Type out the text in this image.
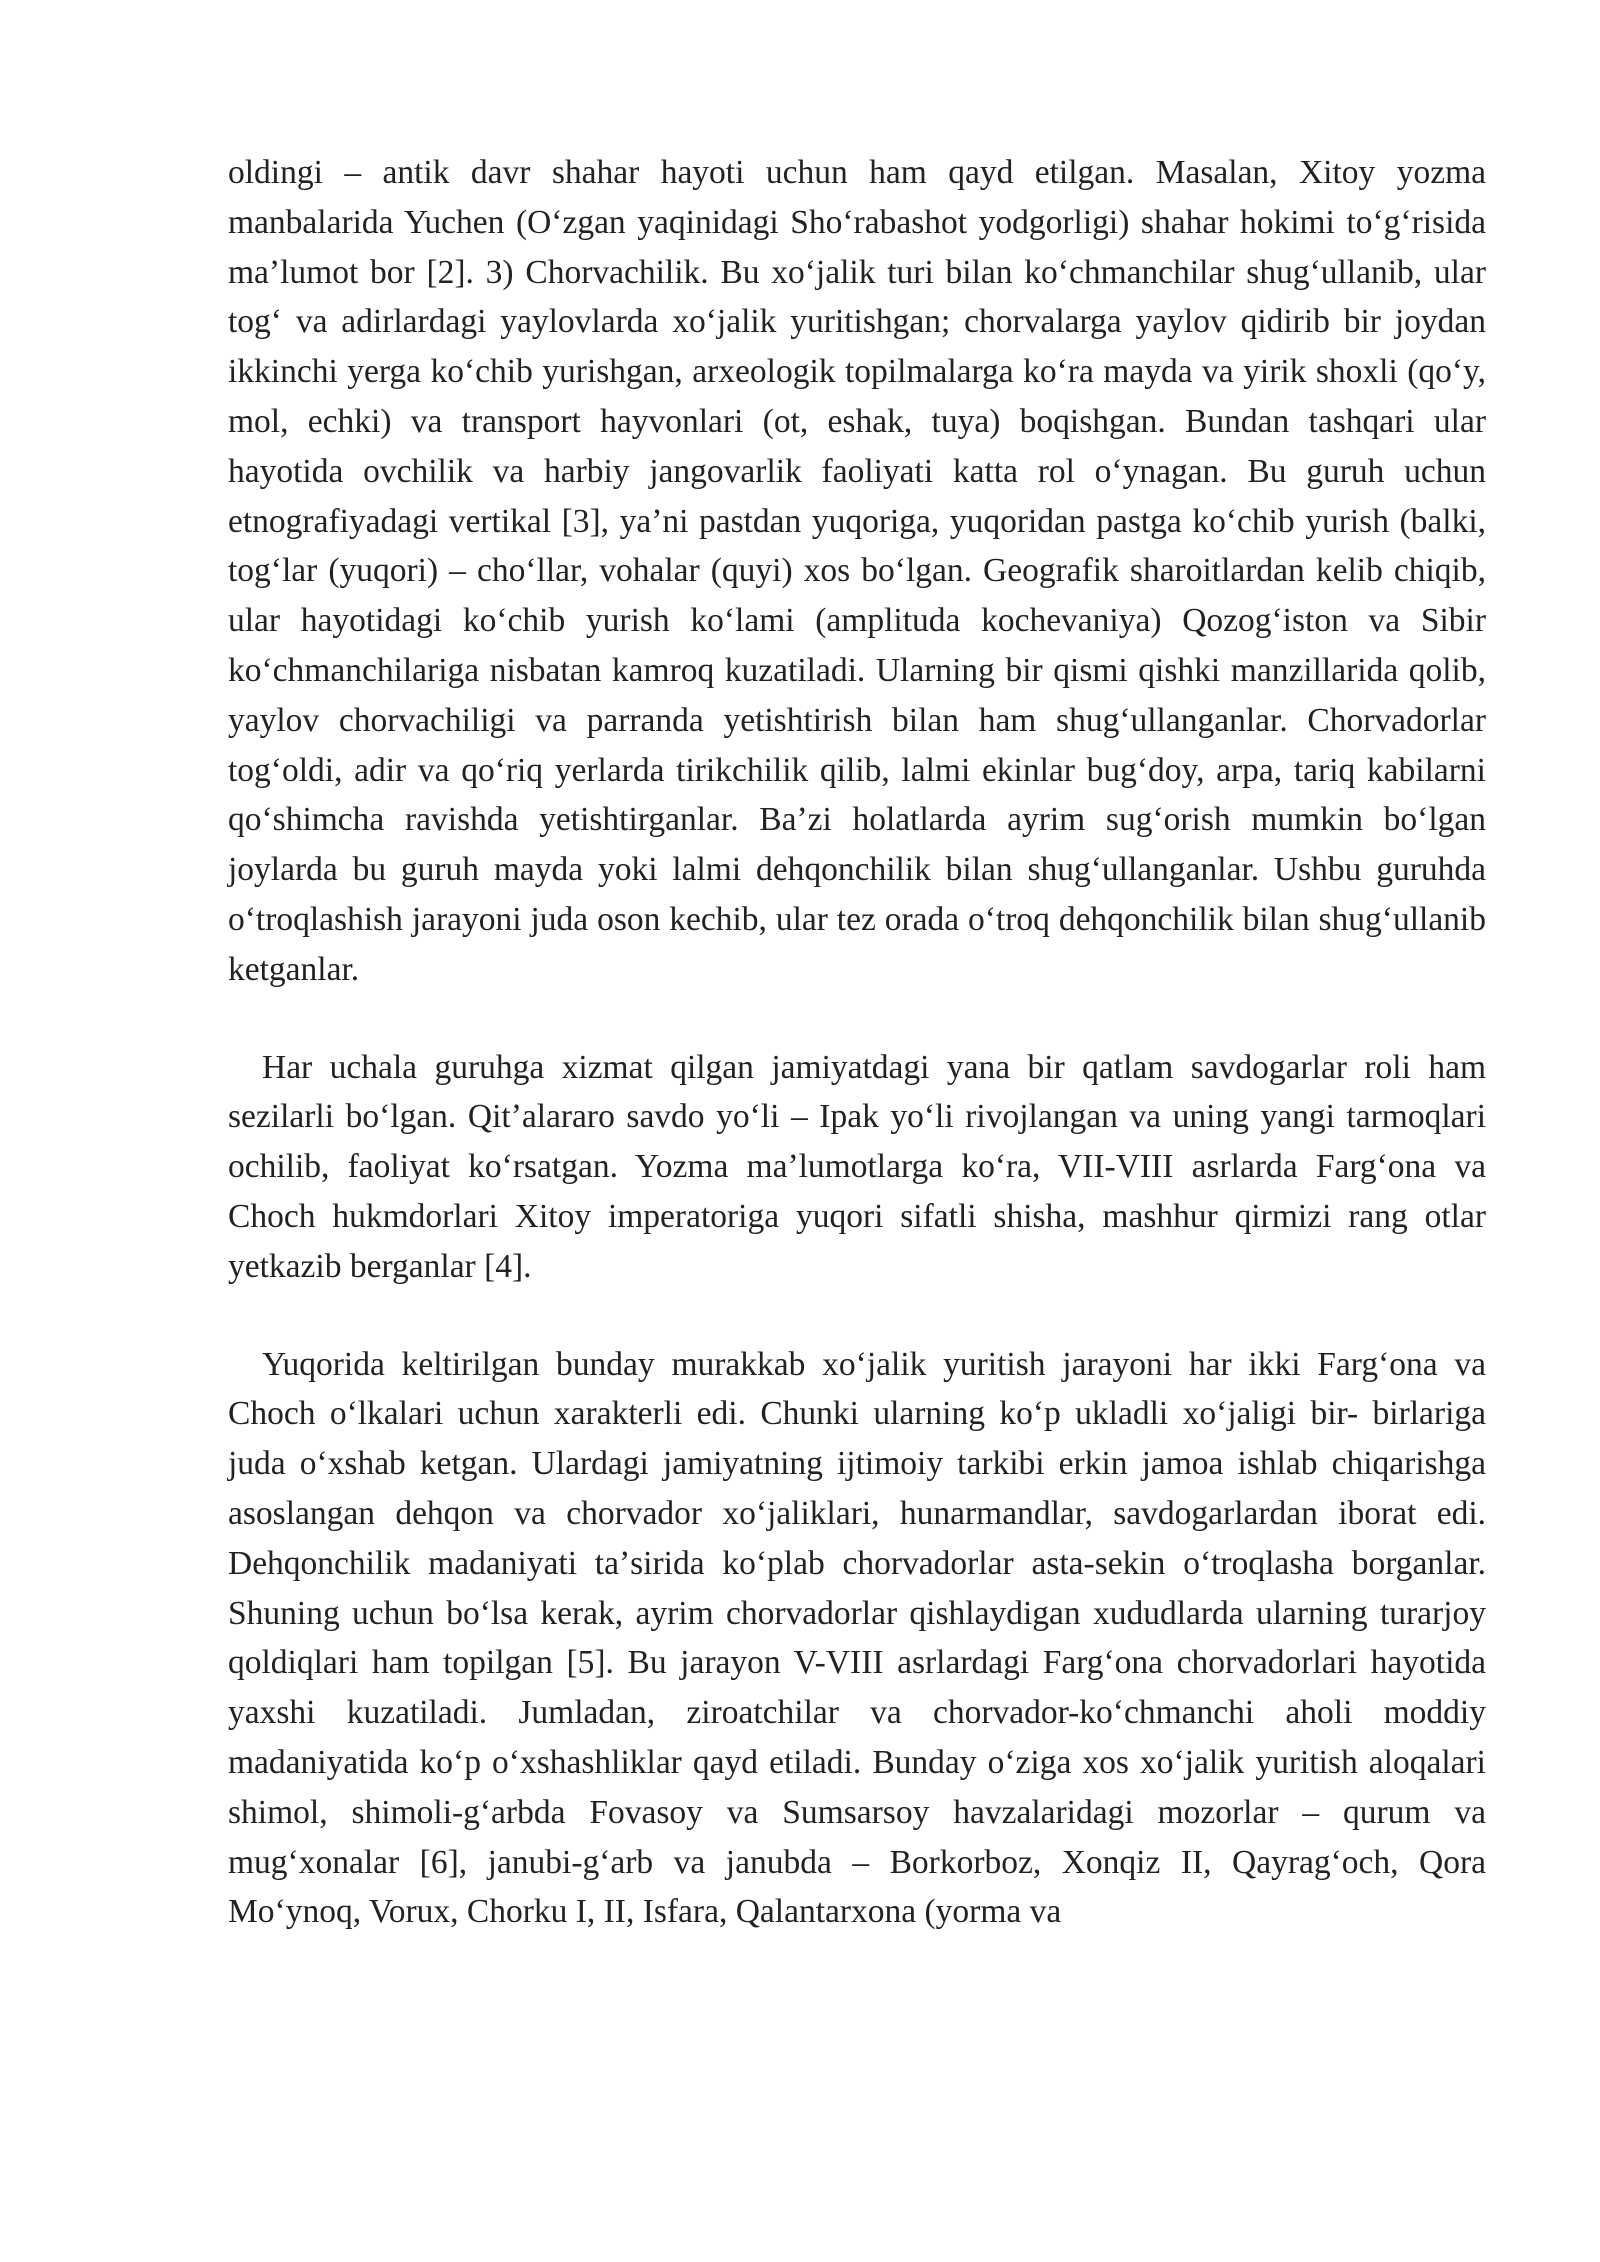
oldingi – antik davr shahar hayoti uchun ham qayd etilgan. Masalan, Xitoy yozma manbalarida Yuchen (Oʻzgan yaqinidagi Shoʻrabashot yodgorligi) shahar hokimi toʻgʻrisida maʼlumot bor [2]. 3) Chorvachilik. Bu xoʻjalik turi bilan koʻchmanchilar shugʻullanib, ular togʻ va adirlardagi yaylovlarda xoʻjalik yuritishgan; chorvalarga yaylov qidirib bir joydan ikkinchi yerga koʻchib yurishgan, arxeologik topilmalarga koʻra mayda va yirik shoxli (qoʻy, mol, echki) va transport hayvonlari (ot, eshak, tuya) boqishgan. Bundan tashqari ular hayotida ovchilik va harbiy jangovarlik faoliyati katta rol oʻynagan. Bu guruh uchun etnografiyadagi vertikal [3], yaʼni pastdan yuqoriga, yuqoridan pastga koʻchib yurish (balki, togʻlar (yuqori) – choʻllar, vohalar (quyi) xos boʻlgan. Geografik sharoitlardan kelib chiqib, ular hayotidagi koʻchib yurish koʻlami (amplituda kochevaniya) Qozogʻiston va Sibir koʻchmanchilariga nisbatan kamroq kuzatiladi. Ularning bir qismi qishki manzillarida qolib, yaylov chorvachiligi va parranda yetishtirish bilan ham shugʻullanganlar. Chorvadorlar togʻoldi, adir va qoʻriq yerlarda tirikchilik qilib, lalmi ekinlar bugʻdoy, arpa, tariq kabilarni qoʻshimcha ravishda yetishtirganlar. Baʼzi holatlarda ayrim sugʻorish mumkin boʻlgan joylarda bu guruh mayda yoki lalmi dehqonchilik bilan shugʻullanganlar. Ushbu guruhda oʻtroqlashish jarayoni juda oson kechib, ular tez orada oʻtroq dehqonchilik bilan shugʻullanib ketganlar.

Har uchala guruhga xizmat qilgan jamiyatdagi yana bir qatlam savdogarlar roli ham sezilarli boʻlgan. Qitʼalararo savdo yoʻli – Ipak yoʻli rivojlangan va uning yangi tarmoqlari ochilib, faoliyat koʻrsatgan. Yozma maʼlumotlarga koʻra, VII-VIII asrlarda Fargʻona va Choch hukmdorlari Xitoy imperatoriga yuqori sifatli shisha, mashhur qirmizi rang otlar yetkazib berganlar [4].

Yuqorida keltirilgan bunday murakkab xoʻjalik yuritish jarayoni har ikki Fargʻona va Choch oʻlkalari uchun xarakterli edi. Chunki ularning koʻp ukladli xoʻjaligi bir- birlariga juda oʻxshab ketgan. Ulardagi jamiyatning ijtimoiy tarkibi erkin jamoa ishlab chiqarishga asoslangan dehqon va chorvador xoʻjaliklari, hunarmandlar, savdogarlardan iborat edi. Dehqonchilik madaniyati taʼsirida koʻplab chorvadorlar asta-sekin oʻtroqlasha borganlar. Shuning uchun boʻlsa kerak, ayrim chorvadorlar qishlaydigan xududlarda ularning turarjoy qoldiqlari ham topilgan [5]. Bu jarayon V-VIII asrlardagi Fargʻona chorvadorlari hayotida yaxshi kuzatiladi. Jumladan, ziroatchilar va chorvador-koʻchmanchi aholi moddiy madaniyatida koʻp oʻxshashliklar qayd etiladi. Bunday oʻziga xos xoʻjalik yuritish aloqalari shimol, shimoli-gʻarbda Fovasoy va Sumsarsoy havzalaridagi mozorlar – qurum va mugʻxonalar [6], janubi-gʻarb va janubda – Borkorboz, Xonqiz II, Qayragʻoch, Qora Moʻynoq, Vorux, Chorku I, II, Isfara, Qalantarxona (yorma va
